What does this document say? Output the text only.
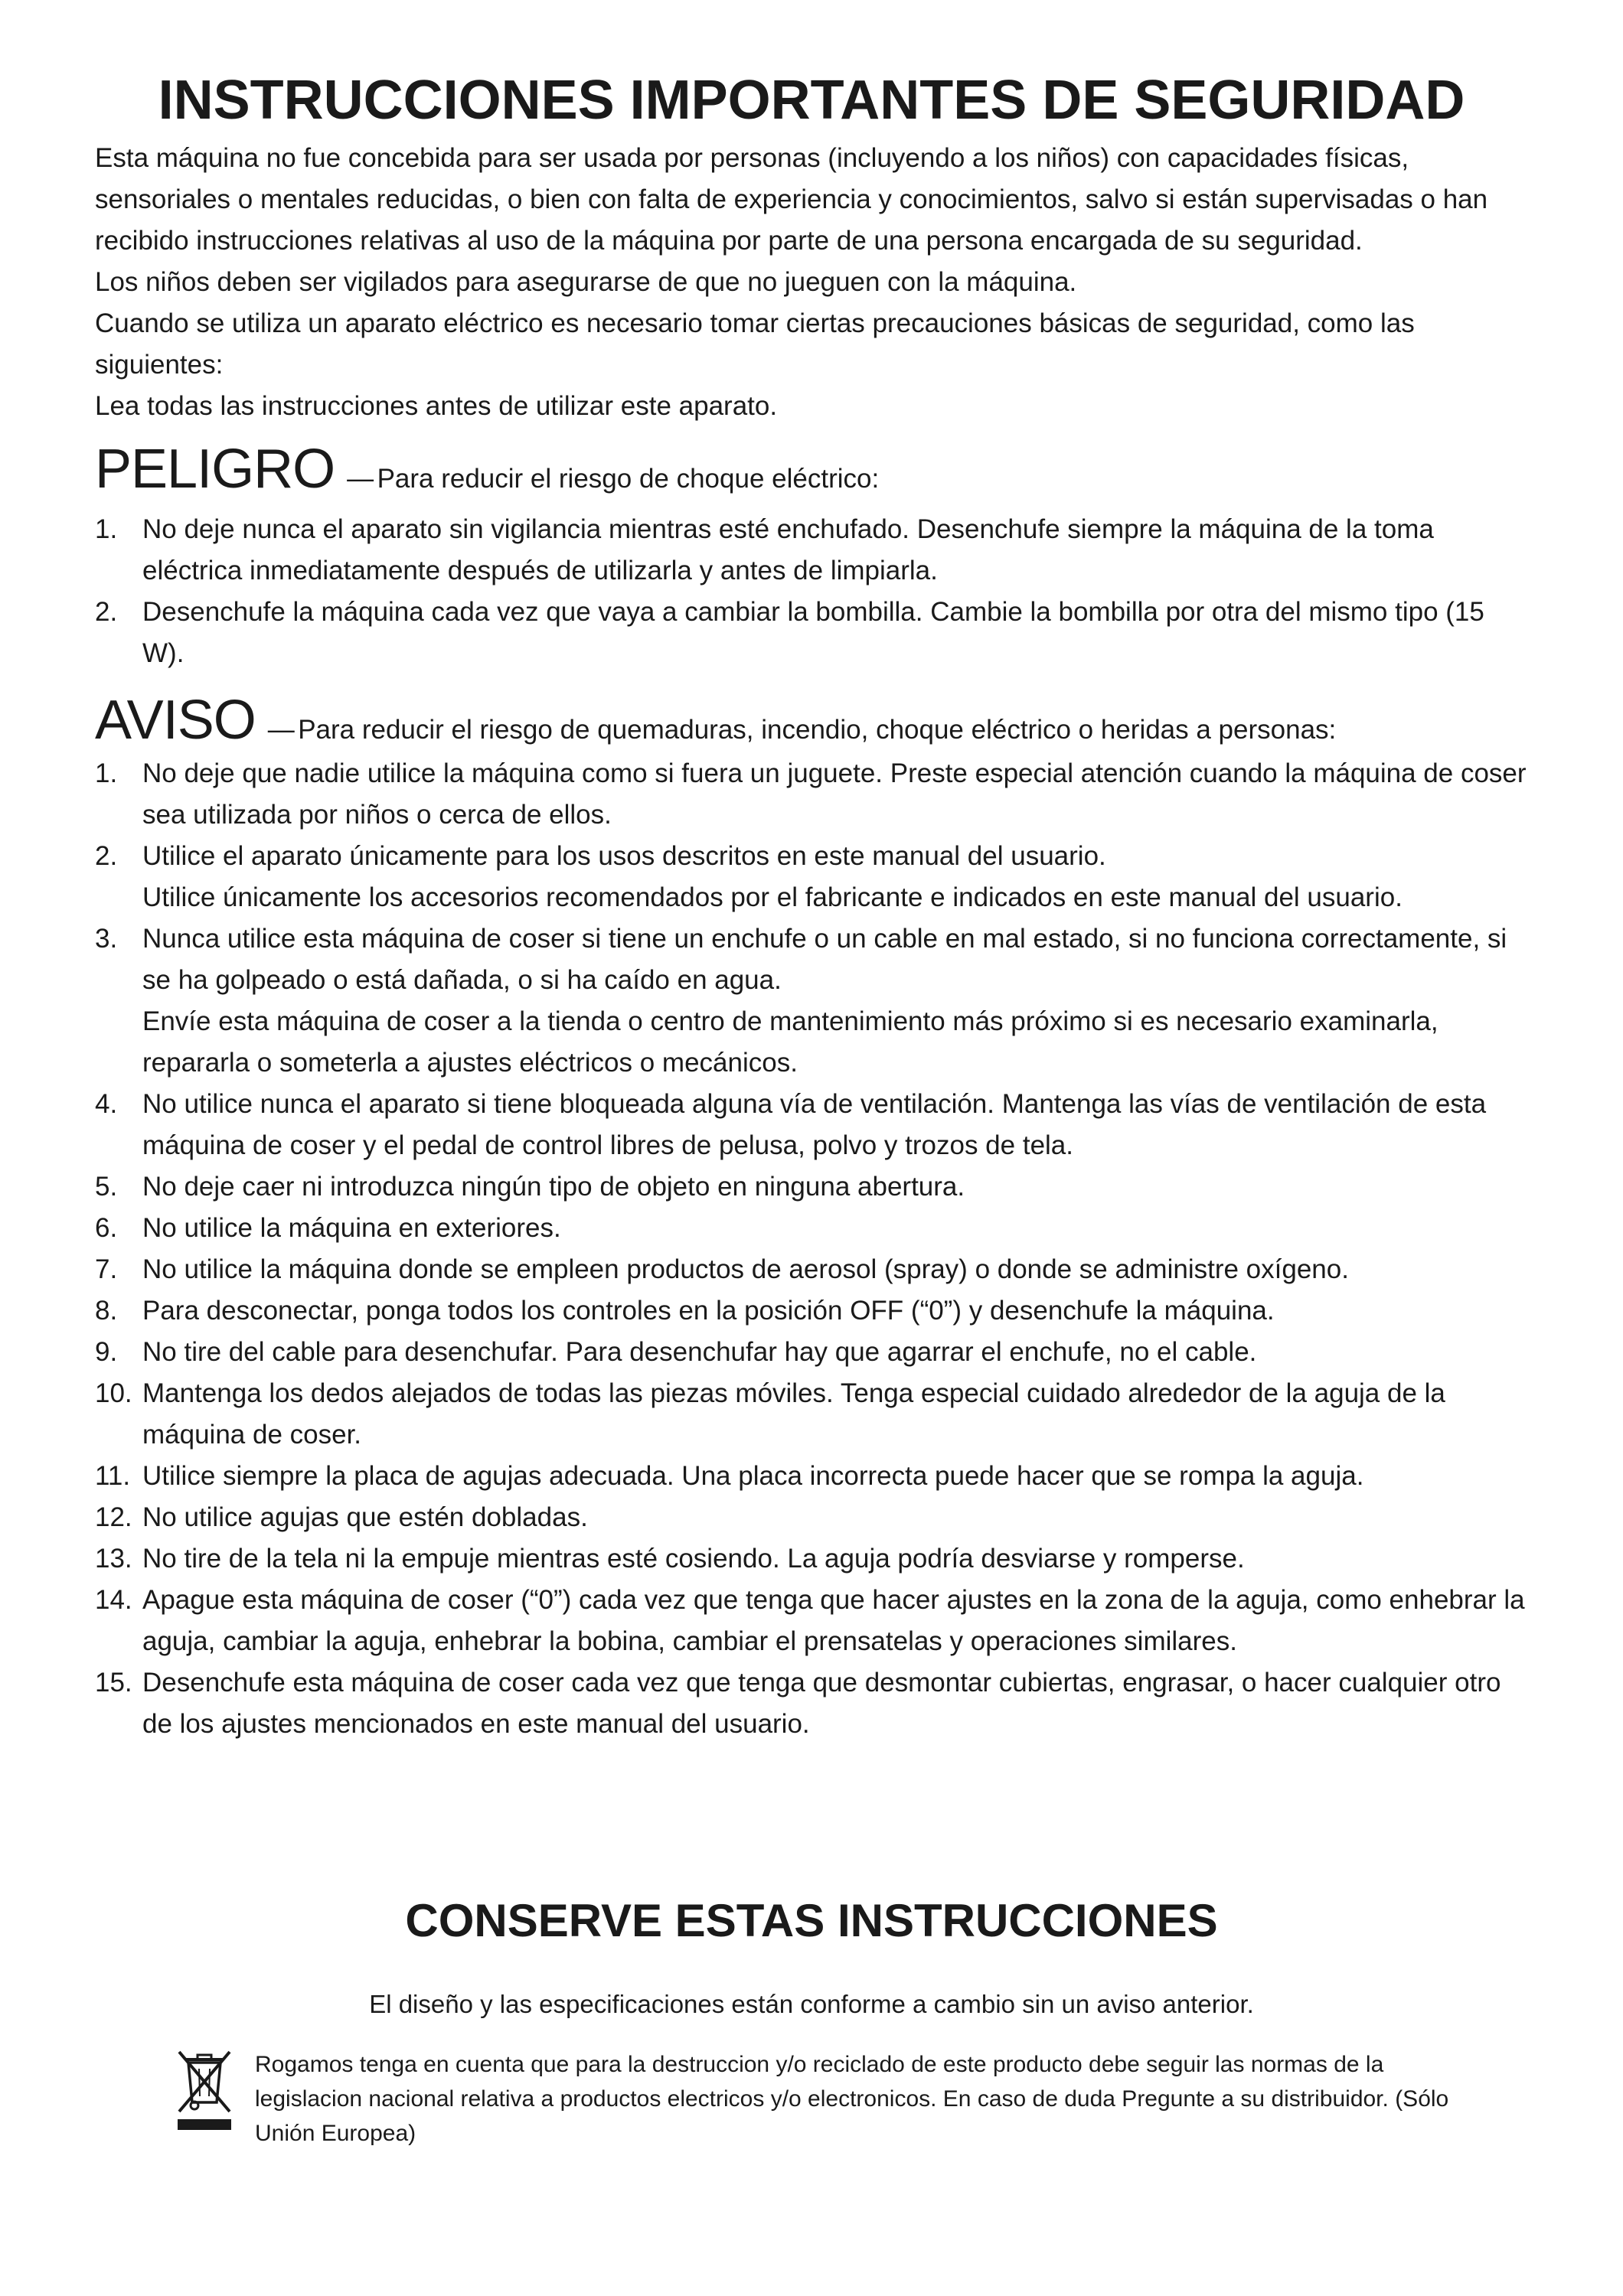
INSTRUCCIONES IMPORTANTES DE SEGURIDAD

Esta máquina no fue concebida para ser usada por personas (incluyendo a los niños) con capacidades físicas, sensoriales o mentales reducidas, o bien con falta de experiencia y conocimientos, salvo si están supervisadas o han recibido instrucciones relativas al uso de la máquina por parte de una persona encargada de su seguridad.

Los niños deben ser vigilados para asegurarse de que no jueguen con la máquina.

Cuando se utiliza un aparato eléctrico es necesario tomar ciertas precauciones básicas de seguridad, como las siguientes:

Lea todas las instrucciones antes de utilizar este aparato.

PELIGRO — Para reducir el riesgo de choque eléctrico:
1. No deje nunca el aparato sin vigilancia mientras esté enchufado. Desenchufe siempre la máquina de la toma eléctrica inmediatamente después de utilizarla y antes de limpiarla.
2. Desenchufe la máquina cada vez que vaya a cambiar la bombilla. Cambie la bombilla por otra del mismo tipo (15 W).
AVISO — Para reducir el riesgo de quemaduras, incendio, choque eléctrico o heridas a personas:
1. No deje que nadie utilice la máquina como si fuera un juguete. Preste especial atención cuando la máquina de coser sea utilizada por niños o cerca de ellos.
2. Utilice el aparato únicamente para los usos descritos en este manual del usuario.
Utilice únicamente los accesorios recomendados por el fabricante e indicados en este manual del usuario.
3. Nunca utilice esta máquina de coser si tiene un enchufe o un cable en mal estado, si no funciona correctamente, si se ha golpeado o está dañada, o si ha caído en agua.
Envíe esta máquina de coser a la tienda o centro de mantenimiento más próximo si es necesario examinarla, repararla o someterla a ajustes eléctricos o mecánicos.
4. No utilice nunca el aparato si tiene bloqueada alguna vía de ventilación. Mantenga las vías de ventilación de esta máquina de coser y el pedal de control libres de pelusa, polvo y trozos de tela.
5. No deje caer ni introduzca ningún tipo de objeto en ninguna abertura.
6. No utilice la máquina en exteriores.
7. No utilice la máquina donde se empleen productos de aerosol (spray) o donde se administre oxígeno.
8. Para desconectar, ponga todos los controles en la posición OFF (“0”) y desenchufe la máquina.
9. No tire del cable para desenchufar. Para desenchufar hay que agarrar el enchufe, no el cable.
10. Mantenga los dedos alejados de todas las piezas móviles. Tenga especial cuidado alrededor de la aguja de la máquina de coser.
11. Utilice siempre la placa de agujas adecuada. Una placa incorrecta puede hacer que se rompa la aguja.
12. No utilice agujas que estén dobladas.
13. No tire de la tela ni la empuje mientras esté cosiendo. La aguja podría desviarse y romperse.
14. Apague esta máquina de coser (“0”) cada vez que tenga que hacer ajustes en la zona de la aguja, como enhebrar la aguja, cambiar la aguja, enhebrar la bobina, cambiar el prensatelas y operaciones similares.
15. Desenchufe esta máquina de coser cada vez que tenga que desmontar cubiertas, engrasar, o hacer cualquier otro de los ajustes mencionados en este manual del usuario.
CONSERVE ESTAS INSTRUCCIONES
El diseño y las especificaciones están conforme a cambio sin un aviso anterior.
Rogamos tenga en cuenta que para la destruccion y/o reciclado de este producto debe seguir las normas de la legislacion nacional relativa a productos electricos y/o electronicos. En caso de duda Pregunte a su distribuidor. (Sólo Unión Europea)
